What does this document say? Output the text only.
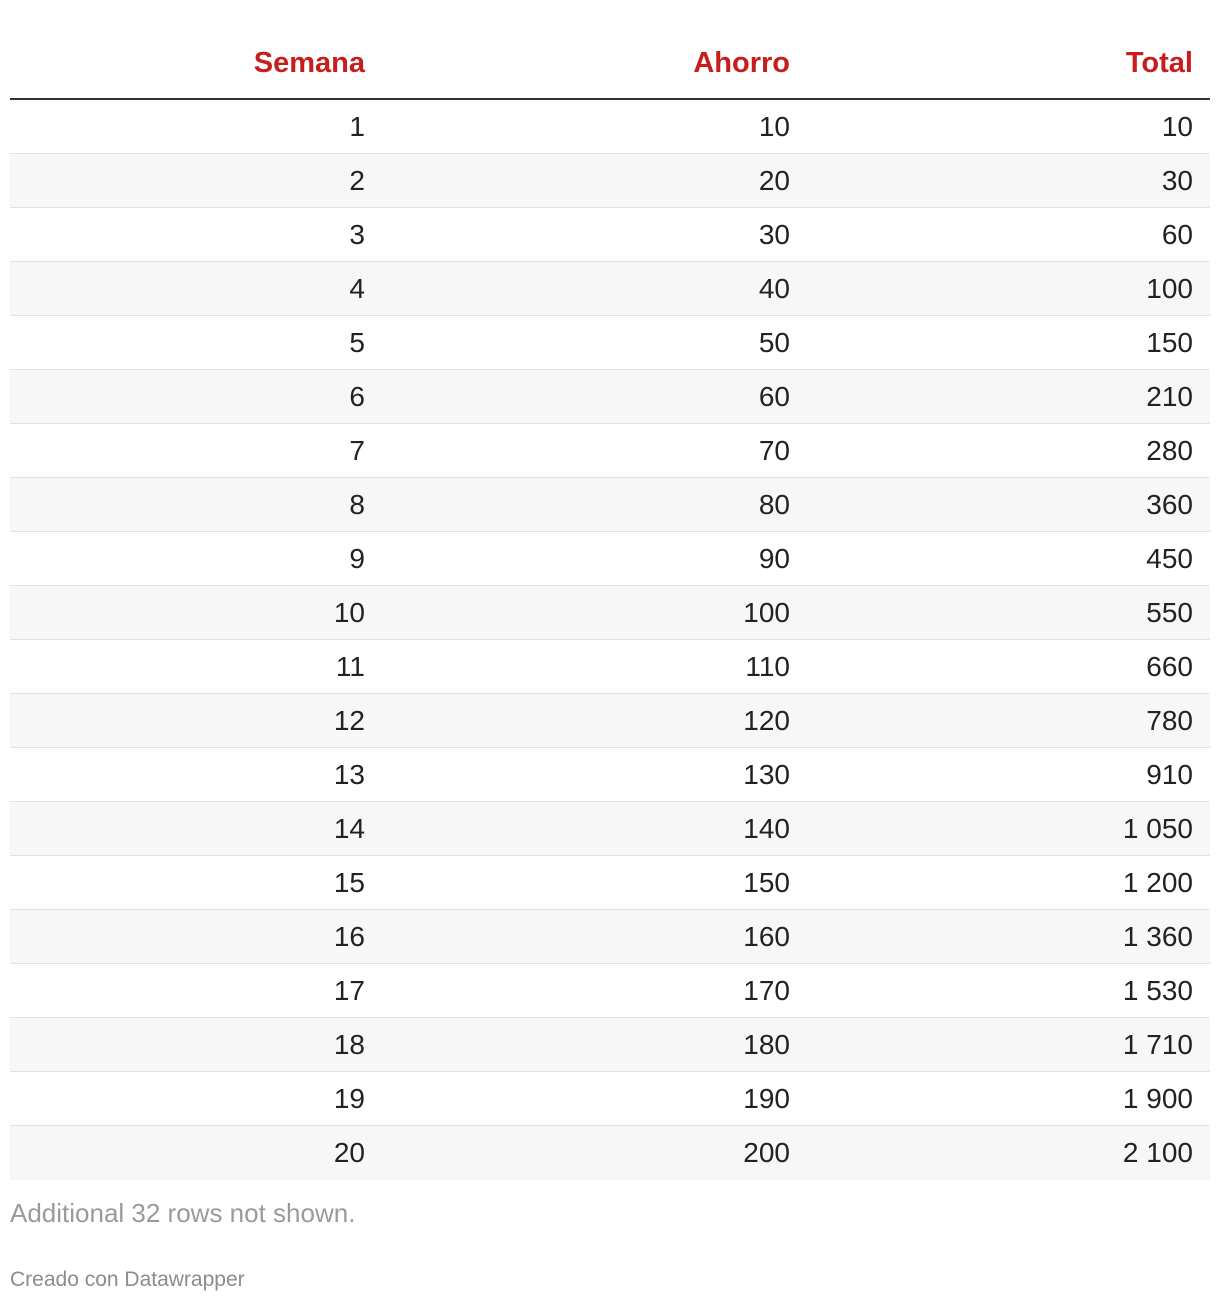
Semana	Ahorro	Total
1	10	10
2	20	30
3	30	60
4	40	100
5	50	150
6	60	210
7	70	280
8	80	360
9	90	450
10	100	550
11	110	660
12	120	780
13	130	910
14	140	1 050
15	150	1 200
16	160	1 360
17	170	1 530
18	180	1 710
19	190	1 900
20	200	2 100
Additional 32 rows not shown.
Creado con Datawrapper
